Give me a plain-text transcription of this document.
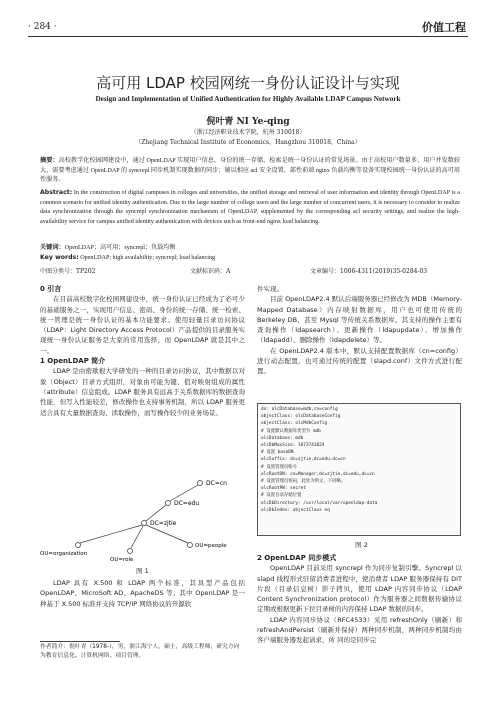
· 284 ·	价值工程
高可用 LDAP 校园网统一身份认证设计与实现
Design and Implementation of Unified Authentication for Highly Available LDAP Campus Network
倪叶青 NI Ye-qing
（浙江经济职业技术学院，杭州 310018）
（Zhejiang Technical Institute of Economics，Hangzhou 310018，China）
摘要：高校教学化校园网建设中，通过 OpenLDAP 实现用户信息、身份的统一存储、检索是统一身份认证的常见场景。由于高校用户数量多、用户并发数较大，需要考虑通过 OpenLDAP 的 syncrepl 同步机制实现数据的同步；辅以相应 acl 安全设置、部性前端 nginx 负载均衡等设备实现校园统一身份认证的高可用性服务。
Abstract: In the construction of digital campuses in colleges and universities, the unified storage and retrieval of user information and identity through OpenLDAP is a common scenario for unified identity authentication. Due to the large number of college users and the large number of concurrent users, it is necessary to consider to realize data synchronization through the syncrepl synchronization mechanism of OpenLDAP, supplemented by the corresponding acl security settings, and realize the high-availability service for campus unified identity authentication with devices such as front-end nginx load balancing.
关键词：OpenLDAP；高可用；syncrepl；负载均衡
Key words: OpenLDAP; high availability; syncrepl; load balancing
中图分类号：TP202	文献标识码：A	文章编号：1006-4311(2019)35-0284-03
0 引言

在目前高校数字化校园网建设中，统一身份认证已经成为了必可少的基础服务之一，实现用户信息、密码、身份的统一存储、统一检索、统一管理是统一身份认证的基本功能要求。使用轻量目录访问协议（LDAP：Light Directory Access Protocol）产品提供的目录服务实现统一身份认证服务是大家的常用选择，而 OpenLDAP 就是其中之一。

1 OpenLDAP 简介

LDAP 是由密歇根大学研发的一种的目录访问协议，其中数据以对象（Object）目录方式组织，对象由可能为键、值对映射组成的属性（attribute）信息组成。LDAP 服务具有远高于关系数据库的数据查询性能，但写入性能较差，修改操作也支持事务机制，所以 LDAP 服务更适合具有大量数据查询、读取操作，而写操作较少的业务场景。

DC=cn
DC=edu
DC=zjtie
OU=organization
OU=role
OU=people
图 1

LDAP 具有 X.500 和 LDAP 两个标准，其具型产品包括 OpenLDAP、MicroSoft AD、ApacheDS 等；其中 OpenLDAP 是一种基于 X.500 标准并支持 TCP/IP 网络协议的开源软

作者简介：倪叶青（1978-），男，浙江海宁人，硕士，高级工程师，研究方向为教育信息化、计算机网络、项目管理。

件实现。

目前 OpenLDAP2.4 默认后端服务器已经修改为 MDB（Memory-Mapped Database）内存映射数据库，用户也可使用传统的 Berkeley DB、甚至 Mysql 等传统关系数据库。其支持的操作主要有查询操作（ldapsearch）、更新操作（ldapupdate）、增加操作（ldapadd）、删除操作（ldapdelete）等。

在 OpenLDAP2.4 版本中，默认支持配置数据库（cn=config）进行动态配置，也可通过传统的配置（slapd.conf）文件方式进行配置。

dn: olcDatabase=mdb,cn=config
objectClass: olcDatabaseConfig
objectClass: olcMdbConfig
# 设置默认数据库类型为 mdb
olcDatabase: mdb
olcDbMaxSize: 1073741824
# 设置 baseDN
olcSuffix: dc=zjtie,dc=edu,dc=cn
# 设置管理员账号
olcRootDN: cn=Manager,dc=zjtie,dc=edu,dc=cn
# 设置管理员密码，此处为明文，下同略。
olcRootPW: secret
# 设置目录存储位置
olcDbDirectory: /usr/local/var/openldap-data
olcDbIndex: objectClass eq
图 2
2 OpenLDAP 同步模式

OpenLDAP 目前采用 syncrepl 作为同步复制引擎。Syncrepl 以 slapd 线程形式驻留消费者进程中，使消费者 LDAP 服务器保持有 DIT 片段（目录信息树）影子拷贝，使用 LDAP 内容同步协议（LDAP Content Synchronization protocol）作为服务器之间数据传输协议定期或根据更新下拉目录树的内容保持 LDAP 数据的同步。

LDAP 内容同步协议（RFC4533）采用 refreshOnly（刷新）和 refreshAndPersist（刷新并保持）两种同步机制，两种同步机制均由客户端服务器发起请求，所 同的是同步完
